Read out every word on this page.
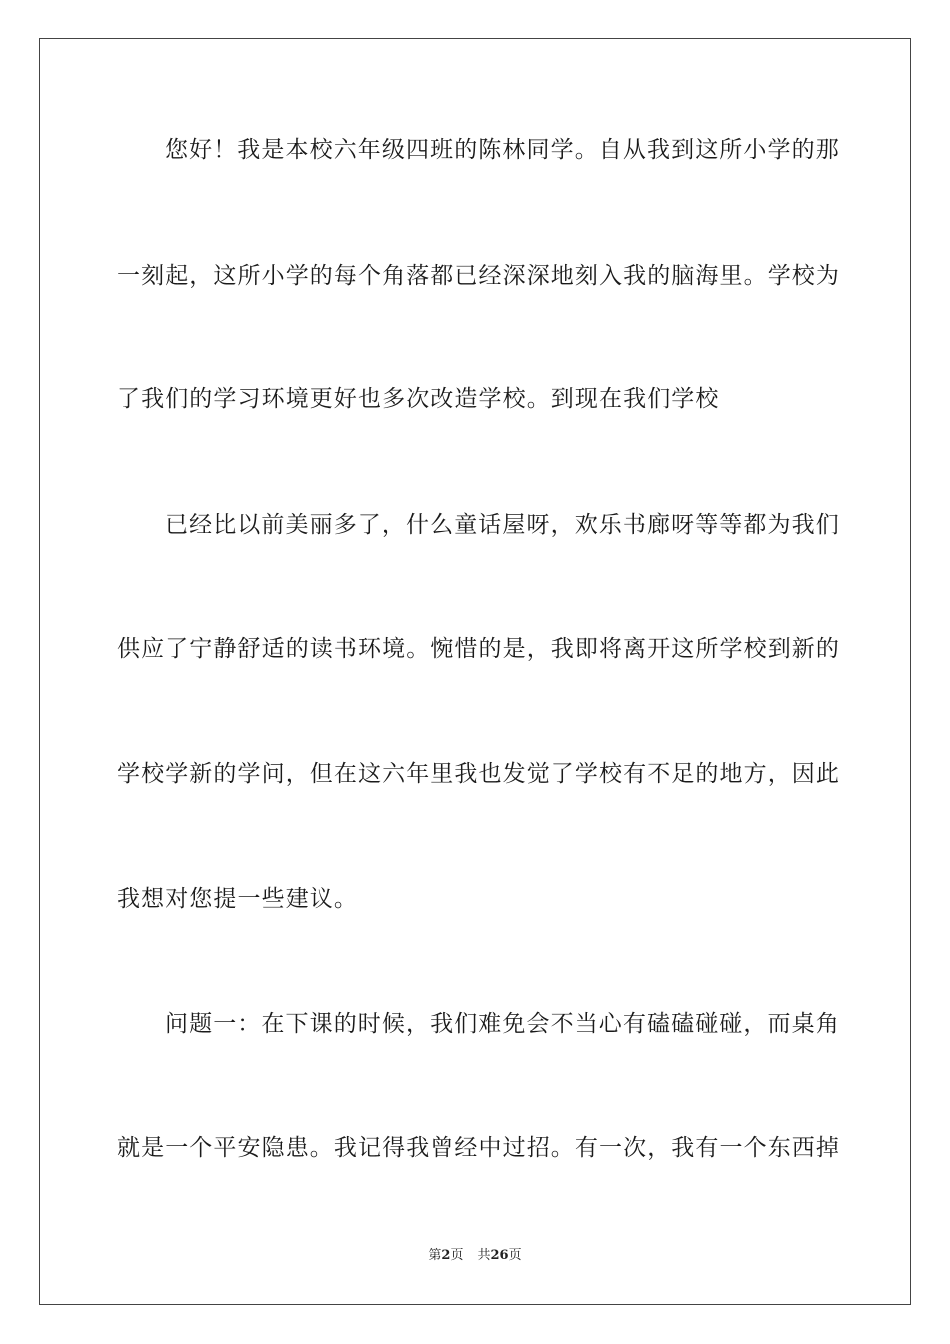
您好！我是本校六年级四班的陈林同学。自从我到这所小学的那
一刻起，这所小学的每个角落都已经深深地刻入我的脑海里。学校为
了我们的学习环境更好也多次改造学校。到现在我们学校
已经比以前美丽多了，什么童话屋呀，欢乐书廊呀等等都为我们
供应了宁静舒适的读书环境。惋惜的是，我即将离开这所学校到新的
学校学新的学问，但在这六年里我也发觉了学校有不足的地方，因此
我想对您提一些建议。
问题一：在下课的时候，我们难免会不当心有磕磕碰碰，而桌角
就是一个平安隐患。我记得我曾经中过招。有一次，我有一个东西掉
第2页 共26页
